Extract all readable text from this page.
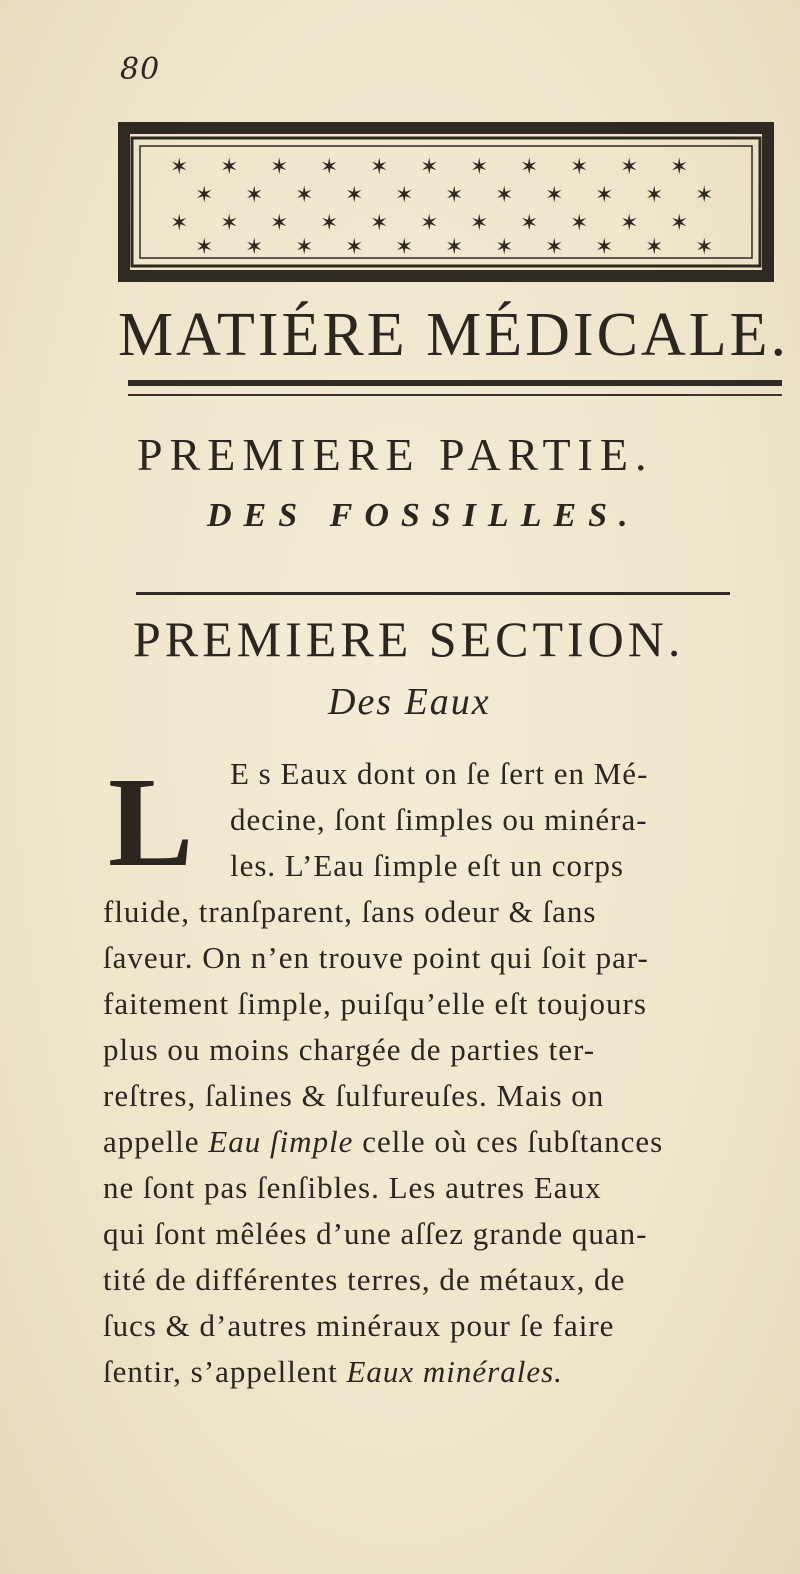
80
✶ ✶ ✶ ✶ ✶ ✶ ✶ ✶ ✶ ✶ ✶
✶ ✶ ✶ ✶ ✶ ✶ ✶ ✶ ✶ ✶ ✶
✶ ✶ ✶ ✶ ✶ ✶ ✶ ✶ ✶ ✶ ✶
✶ ✶ ✶ ✶ ✶ ✶ ✶ ✶ ✶ ✶ ✶
MATIÉRE MÉDICALE.
PREMIERE PARTIE.
DES FOSSILLES.
PREMIERE SECTION.
Des Eaux
L E s Eaux dont on ſe ſert en Mé-
decine, ſont ſimples ou minéra-
les. L’Eau ſimple eſt un corps
fluide, tranſparent, ſans odeur & ſans
ſaveur. On n’en trouve point qui ſoit par-
faitement ſimple, puiſqu’elle eſt toujours
plus ou moins chargée de parties ter-
reſtres, ſalines & ſulfureuſes. Mais on
appelle Eau ſimple celle où ces ſubſtances
ne ſont pas ſenſibles. Les autres Eaux
qui ſont mêlées d’une aſſez grande quan-
tité de différentes terres, de métaux, de
ſucs & d’autres minéraux pour ſe faire
ſentir, s’appellent Eaux minérales.
